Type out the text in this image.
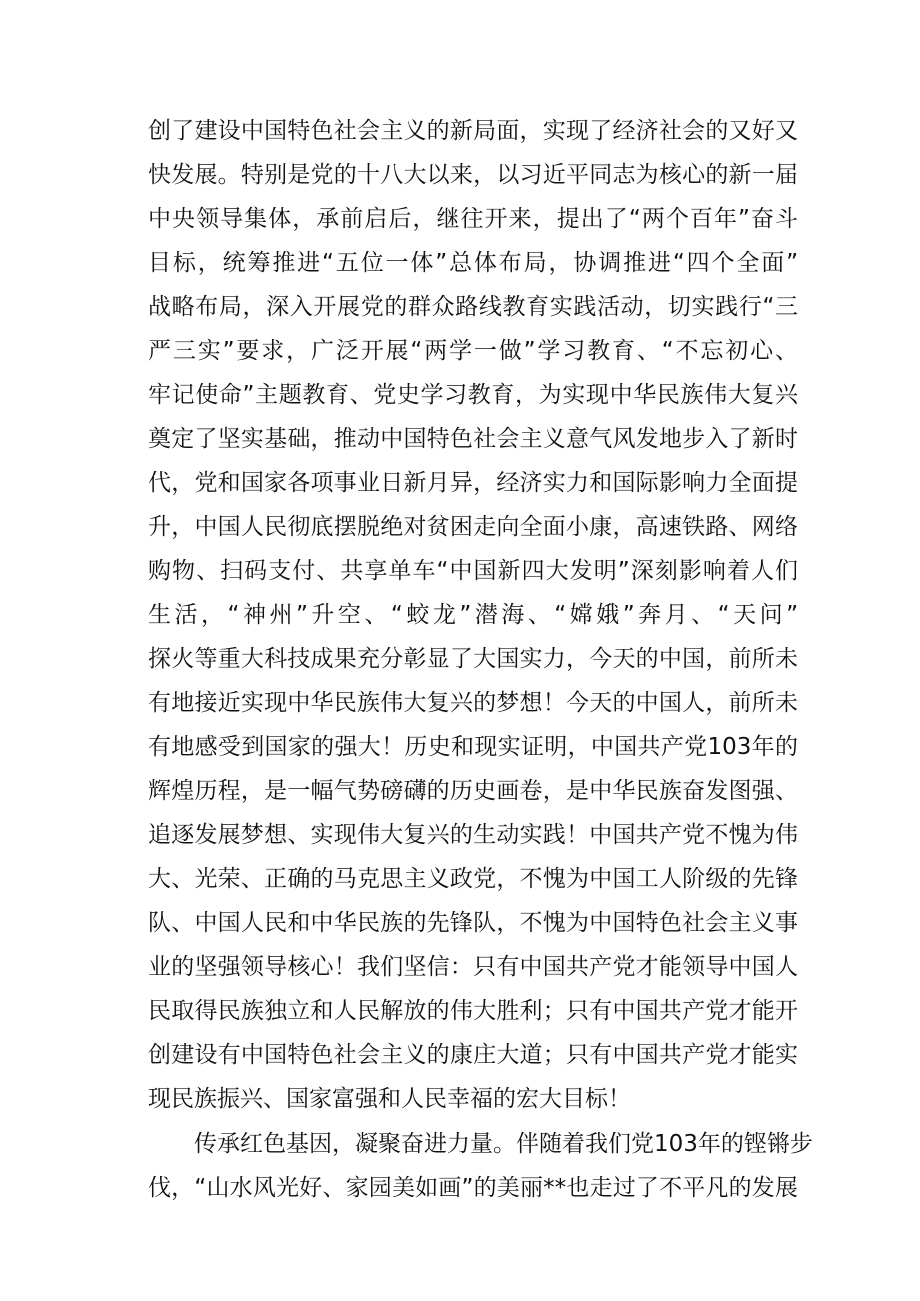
创了建设中国特色社会主义的新局面，实现了经济社会的又好又
快发展。特别是党的十八大以来，以习近平同志为核心的新一届
中央领导集体，承前启后，继往开来，提出了“两个百年”奋斗
目标，统筹推进“五位一体”总体布局，协调推进“四个全面”
战略布局，深入开展党的群众路线教育实践活动，切实践行“三
严三实”要求，广泛开展“两学一做”学习教育、“不忘初心、
牢记使命”主题教育、党史学习教育，为实现中华民族伟大复兴
奠定了坚实基础，推动中国特色社会主义意气风发地步入了新时
代，党和国家各项事业日新月异，经济实力和国际影响力全面提
升，中国人民彻底摆脱绝对贫困走向全面小康，高速铁路、网络
购物、扫码支付、共享单车“中国新四大发明”深刻影响着人们
生活，“神州”升空、“蛟龙”潜海、“嫦娥”奔月、“天问”
探火等重大科技成果充分彰显了大国实力，今天的中国，前所未
有地接近实现中华民族伟大复兴的梦想！今天的中国人，前所未
有地感受到国家的强大！历史和现实证明，中国共产党103年的
辉煌历程，是一幅气势磅礴的历史画卷，是中华民族奋发图强、
追逐发展梦想、实现伟大复兴的生动实践！中国共产党不愧为伟
大、光荣、正确的马克思主义政党，不愧为中国工人阶级的先锋
队、中国人民和中华民族的先锋队，不愧为中国特色社会主义事
业的坚强领导核心！我们坚信：只有中国共产党才能领导中国人
民取得民族独立和人民解放的伟大胜利；只有中国共产党才能开
创建设有中国特色社会主义的康庄大道；只有中国共产党才能实
现民族振兴、国家富强和人民幸福的宏大目标！
传承红色基因，凝聚奋进力量。伴随着我们党103年的铿锵步
伐，“山水风光好、家园美如画”的美丽**也走过了不平凡的发展
